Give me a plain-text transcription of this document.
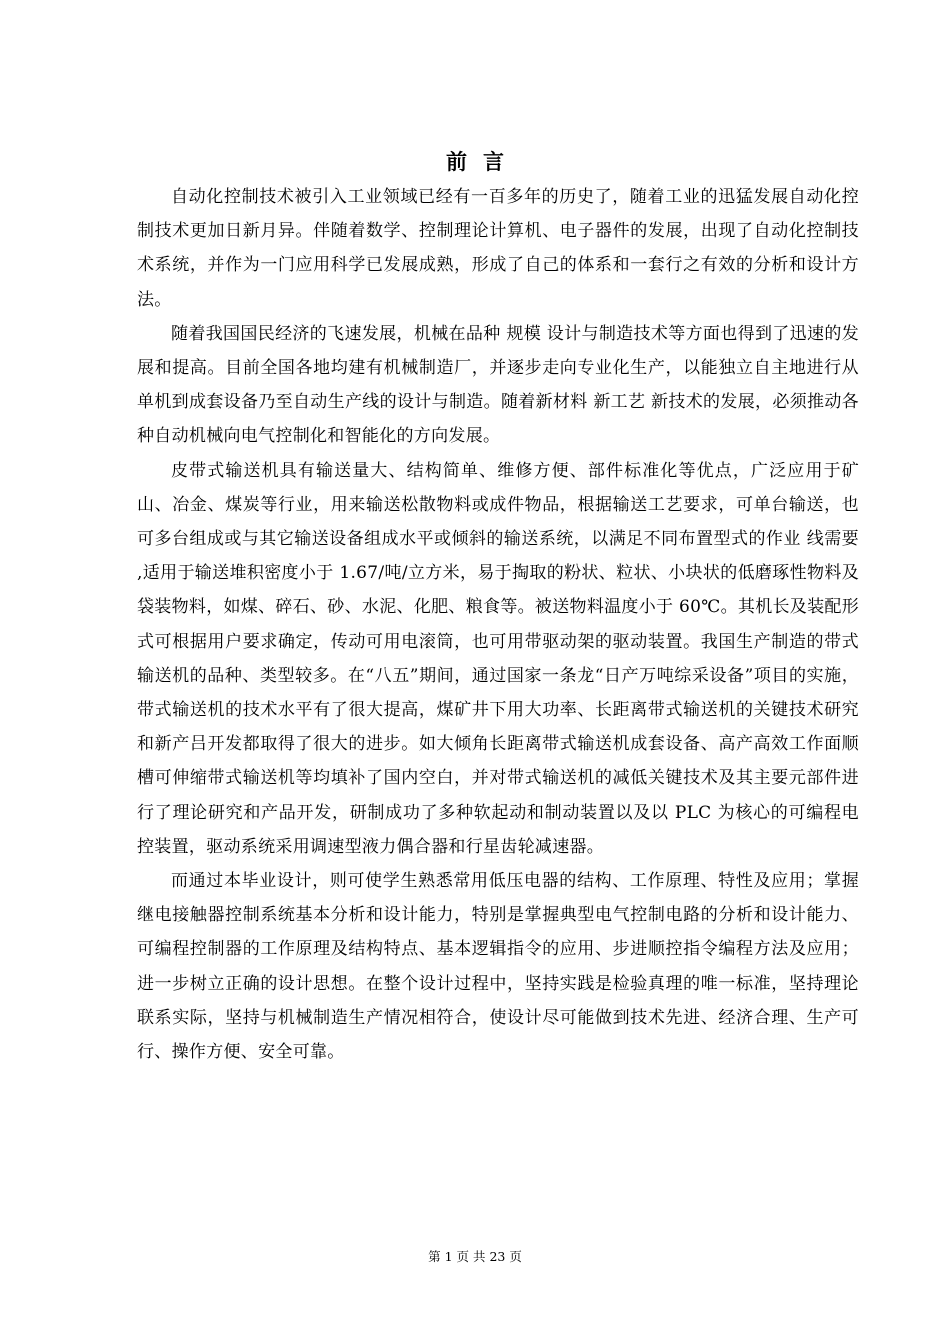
前言

自动化控制技术被引入工业领域已经有一百多年的历史了，随着工业的迅猛发展自动化控制技术更加日新月异。伴随着数学、控制理论计算机、电子器件的发展，出现了自动化控制技术系统，并作为一门应用科学已发展成熟，形成了自己的体系和一套行之有效的分析和设计方法。

随着我国国民经济的飞速发展，机械在品种 规模 设计与制造技术等方面也得到了迅速的发展和提高。目前全国各地均建有机械制造厂，并逐步走向专业化生产，以能独立自主地进行从单机到成套设备乃至自动生产线的设计与制造。随着新材料 新工艺 新技术的发展，必须推动各种自动机械向电气控制化和智能化的方向发展。

皮带式输送机具有输送量大、结构简单、维修方便、部件标准化等优点，广泛应用于矿山、冶金、煤炭等行业，用来输送松散物料或成件物品，根据输送工艺要求，可单台输送，也可多台组成或与其它输送设备组成水平或倾斜的输送系统，以满足不同布置型式的作业 线需要 ,适用于输送堆积密度小于 1.67/吨/立方米，易于掏取的粉状、粒状、小块状的低磨琢性物料及袋装物料，如煤、碎石、砂、水泥、化肥、粮食等。被送物料温度小于 60℃。其机长及装配形式可根据用户要求确定，传动可用电滚筒，也可用带驱动架的驱动装置。我国生产制造的带式输送机的品种、类型较多。在“八五”期间，通过国家一条龙“日产万吨综采设备”项目的实施，带式输送机的技术水平有了很大提高，煤矿井下用大功率、长距离带式输送机的关键技术研究和新产吕开发都取得了很大的进步。如大倾角长距离带式输送机成套设备、高产高效工作面顺槽可伸缩带式输送机等均填补了国内空白，并对带式输送机的减低关键技术及其主要元部件进行了理论研究和产品开发，研制成功了多种软起动和制动装置以及以 PLC 为核心的可编程电控装置，驱动系统采用调速型液力偶合器和行星齿轮减速器。

而通过本毕业设计，则可使学生熟悉常用低压电器的结构、工作原理、特性及应用；掌握继电接触器控制系统基本分析和设计能力，特别是掌握典型电气控制电路的分析和设计能力、可编程控制器的工作原理及结构特点、基本逻辑指令的应用、步进顺控指令编程方法及应用；进一步树立正确的设计思想。在整个设计过程中，坚持实践是检验真理的唯一标准，坚持理论联系实际，坚持与机械制造生产情况相符合，使设计尽可能做到技术先进、经济合理、生产可行、操作方便、安全可靠。

第 1 页 共 23 页
